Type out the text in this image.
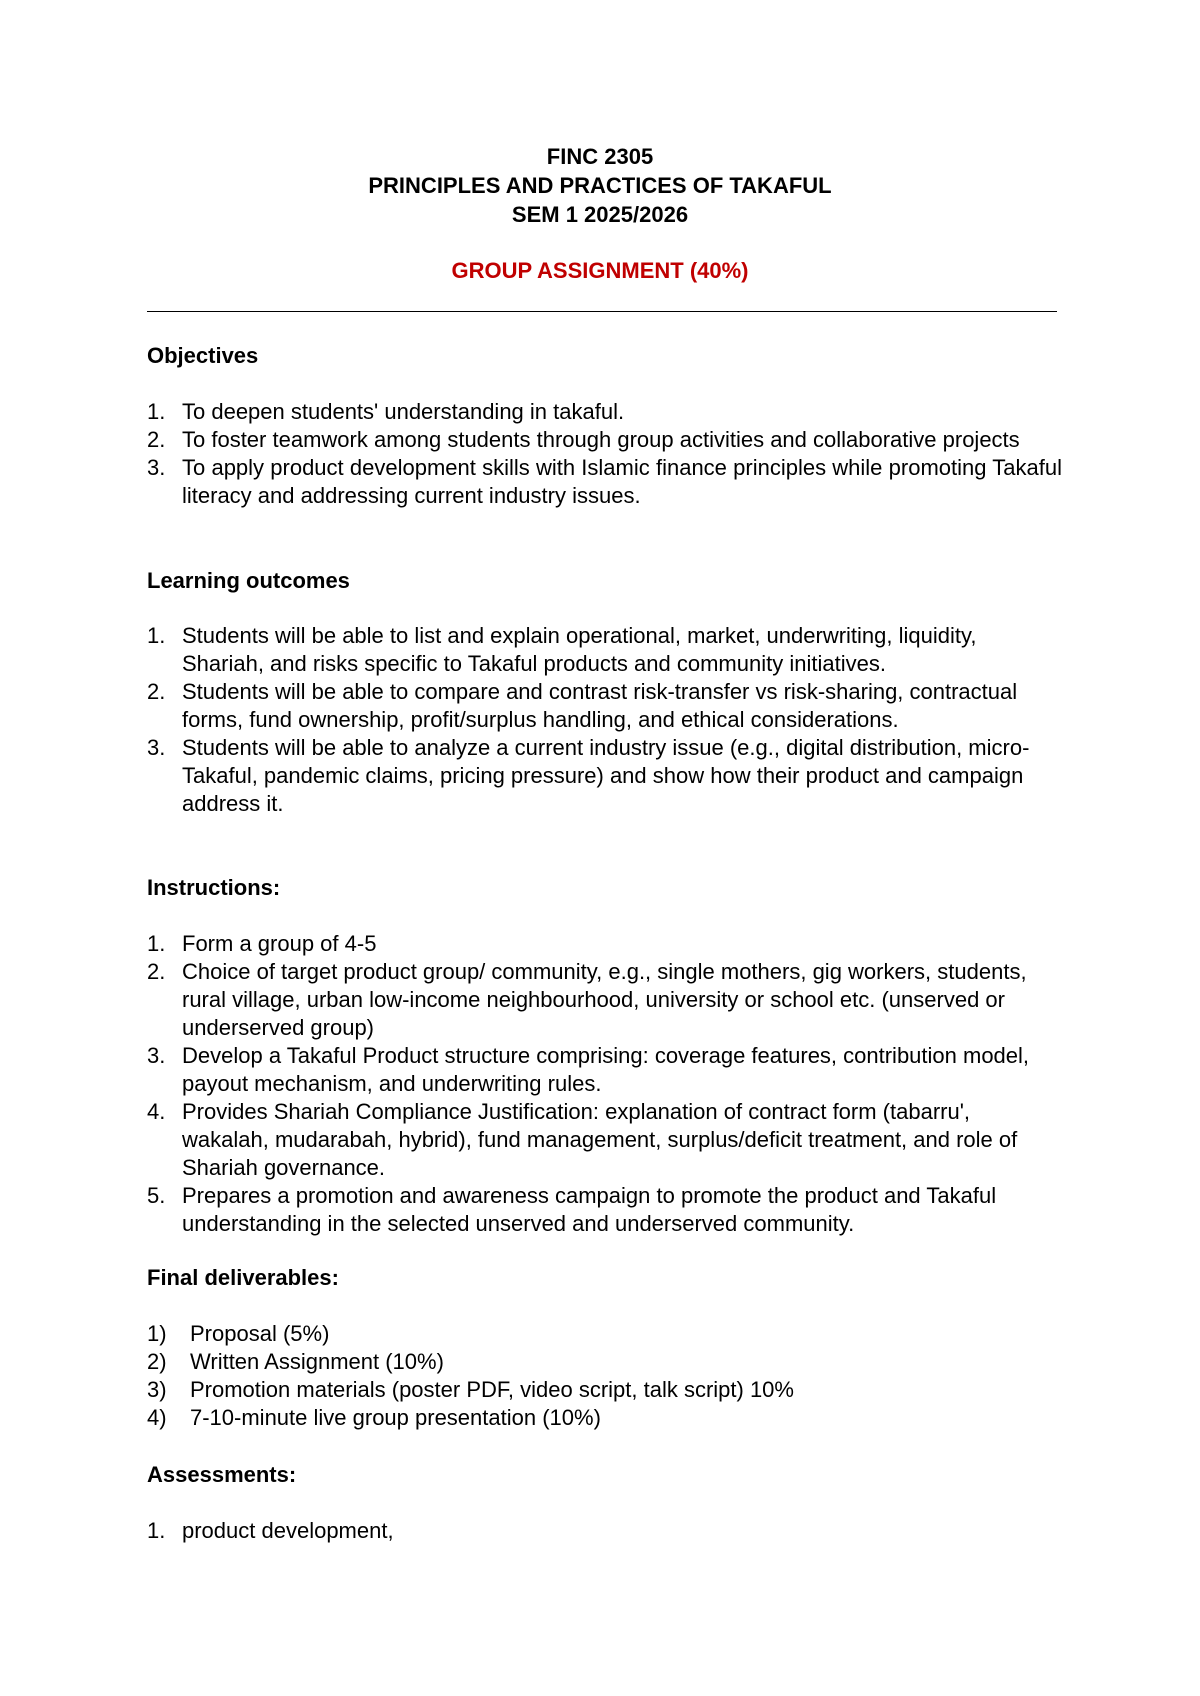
FINC 2305
PRINCIPLES AND PRACTICES OF TAKAFUL
SEM 1 2025/2026
GROUP ASSIGNMENT (40%)
Objectives
1. To deepen students' understanding in takaful.
2. To foster teamwork among students through group activities and collaborative projects
3. To apply product development skills with Islamic finance principles while promoting Takaful literacy and addressing current industry issues.
Learning outcomes
1. Students will be able to list and explain operational, market, underwriting, liquidity, Shariah, and risks specific to Takaful products and community initiatives.
2. Students will be able to compare and contrast risk-transfer vs risk-sharing, contractual forms, fund ownership, profit/surplus handling, and ethical considerations.
3. Students will be able to analyze a current industry issue (e.g., digital distribution, micro-Takaful, pandemic claims, pricing pressure) and show how their product and campaign address it.
Instructions:
1. Form a group of 4-5
2. Choice of target product group/ community, e.g., single mothers, gig workers, students, rural village, urban low-income neighbourhood, university or school etc. (unserved or underserved group)
3. Develop a Takaful Product structure comprising: coverage features, contribution model, payout mechanism, and underwriting rules.
4. Provides Shariah Compliance Justification: explanation of contract form (tabarru', wakalah, mudarabah, hybrid), fund management, surplus/deficit treatment, and role of Shariah governance.
5. Prepares a promotion and awareness campaign to promote the product and Takaful understanding in the selected unserved and underserved community.
Final deliverables:
1) Proposal (5%)
2) Written Assignment (10%)
3) Promotion materials (poster PDF, video script, talk script) 10%
4) 7-10-minute live group presentation (10%)
Assessments:
1. product development,
